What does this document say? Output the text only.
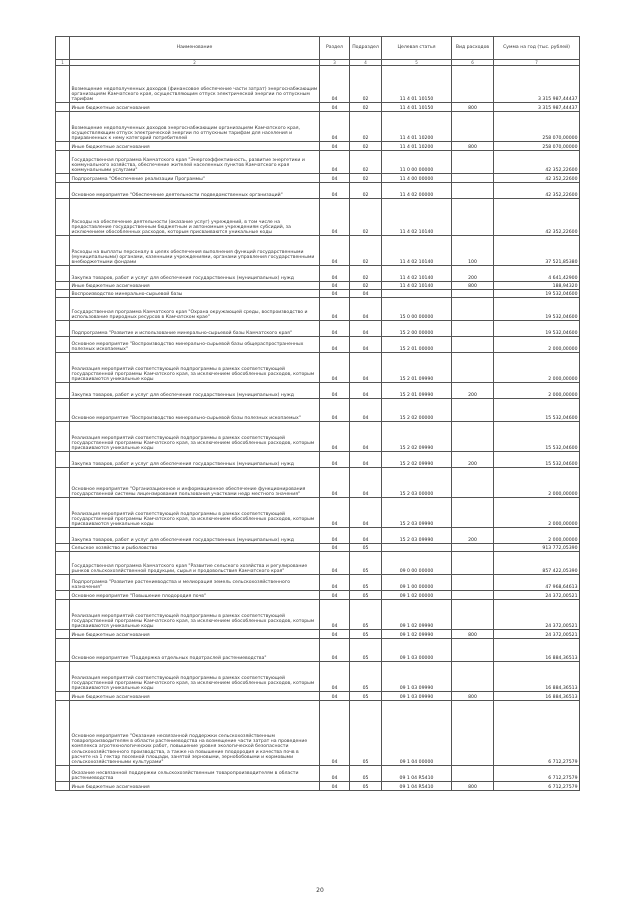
	Наименование	Раздел	Подраздел	Целевая статья	Вид расходов	Сумма на год (тыс. рублей)
1	2	3	4	5	6	7
	Возмещение недополученных доходов (финансовое обеспечение части затрат) энергоснабжающим организациям Камчатского края, осуществляющим отпуск электрической энергии по отпускным тарифам	04	02	11 4 01 10150		3 315 987,44437
	Иные бюджетные ассигнования	04	02	11 4 01 10150	800	3 315 987,44437
	Возмещение недополученных доходов энергоснабжающим организациям Камчатского края, осуществляющим отпуск электрической энергии по отпускным тарифам для населения и приравненных к нему категорий потребителей	04	02	11 4 01 10200		258 070,00000
	Иные бюджетные ассигнования	04	02	11 4 01 10200	800	258 070,00000
	Государственная программа Камчатского края "Энергоэффективность, развитие энергетики и коммунального хозяйства, обеспечение жителей населенных пунктов Камчатского края коммунальными услугами"	04	02	11 0 00 00000		42 352,22600
	Подпрограмма "Обеспечение реализации Программы"	04	02	11 4 00 00000		42 352,22600
	Основное мероприятие "Обеспечение деятельности подведомственных организаций"	04	02	11 4 02 00000		42 352,22600
	Расходы на обеспечение деятельности (оказание услуг) учреждений, в том числе на предоставление государственным бюджетным и автономным учреждениям субсидий, за исключением обособленных расходов, которым присваиваются уникальные коды	04	02	11 4 02 10140		42 352,22600
	Расходы на выплаты персоналу в целях обеспечения выполнения функций государственными (муниципальными) органами, казенными учреждениями, органами управления государственными внебюджетными фондами	04	02	11 4 02 10140	100	37 521,85380
	Закупка товаров, работ и услуг для обеспечения государственных (муниципальных) нужд	04	02	11 4 02 10140	200	4 641,42900
	Иные бюджетные ассигнования	04	02	11 4 02 10140	800	188,94320
	Воспроизводство минерально-сырьевой базы	04	04			19 532,04600
	Государственная программа Камчатского края "Охрана окружающей среды, воспроизводство и использование природных ресурсов в Камчатском крае"	04	04	15 0 00 00000		19 532,04600
	Подпрограмма "Развитие и использование минерально-сырьевой базы Камчатского края"	04	04	15 2 00 00000		19 532,04600
	Основное мероприятие "Воспроизводство минерально-сырьевой базы общераспространенных полезных ископаемых"	04	04	15 2 01 00000		2 000,00000
	Реализация мероприятий соответствующей подпрограммы в рамках соответствующей государственной программы Камчатского края, за исключением обособленных расходов, которым присваиваются уникальные коды	04	04	15 2 01 09990		2 000,00000
	Закупка товаров, работ и услуг для обеспечения государственных (муниципальных) нужд	04	04	15 2 01 09990	200	2 000,00000
	Основное мероприятие "Воспроизводство минерально-сырьевой базы полезных ископаемых"	04	04	15 2 02 00000		15 532,04600
	Реализация мероприятий соответствующей подпрограммы в рамках соответствующей государственной программы Камчатского края, за исключением обособленных расходов, которым присваиваются уникальные коды	04	04	15 2 02 09990		15 532,04600
	Закупка товаров, работ и услуг для обеспечения государственных (муниципальных) нужд	04	04	15 2 02 09990	200	15 532,04600
	Основное мероприятие "Организационное и информационное обеспечение функционирования государственной системы лицензирования пользования участками недр местного значения"	04	04	15 2 03 00000		2 000,00000
	Реализация мероприятий соответствующей подпрограммы в рамках соответствующей государственной программы Камчатского края, за исключением обособленных расходов, которым присваиваются уникальные коды	04	04	15 2 03 09990		2 000,00000
	Закупка товаров, работ и услуг для обеспечения государственных (муниципальных) нужд	04	04	15 2 03 09990	200	2 000,00000
	Сельское хозяйство и рыболовство	04	05			913 772,05390
	Государственная программа Камчатского края "Развитие сельского хозяйства и регулирование рынков сельскохозяйственной продукции, сырья и продовольствия Камчатского края"	04	05	09 0 00 00000		857 422,05390
	Подпрограмма "Развитие растениеводства и мелиорация земель сельскохозяйственного назначения"	04	05	09 1 00 00000		47 968,64613
	Основное мероприятие "Повышение плодородия почв"	04	05	09 1 02 00000		24 372,00521
	Реализация мероприятий соответствующей подпрограммы в рамках соответствующей государственной программы Камчатского края, за исключением обособленных расходов, которым присваиваются уникальные коды	04	05	09 1 02 09990		24 372,00521
	Иные бюджетные ассигнования	04	05	09 1 02 09990	800	24 372,00521
	Основное мероприятие "Поддержка отдельных подотраслей растениеводства"	04	05	09 1 03 00000		16 884,36513
	Реализация мероприятий соответствующей подпрограммы в рамках соответствующей государственной программы Камчатского края, за исключением обособленных расходов, которым присваиваются уникальные коды	04	05	09 1 03 09990		16 884,36513
	Иные бюджетные ассигнования	04	05	09 1 03 09990	800	16 884,36513
	Основное мероприятие "Оказание несвязанной поддержки сельскохозяйственным товаропроизводителям в области растениеводства на возмещение части затрат на проведение комплекса агротехнологических работ, повышение уровня экологической безопасности сельскохозяйственного производства, а также на повышение плодородия и качества почв в расчете на 1 гектар посевной площади, занятой зерновыми, зернобобовыми и кормовыми сельскохозяйственными культурами"	04	05	09 1 04 00000		6 712,27579
	Оказание несвязанной поддержки сельскохозяйственным товаропроизводителям в области растениеводства	04	05	09 1 04 R5410		6 712,27579
	Иные бюджетные ассигнования	04	05	09 1 04 R5410	800	6 712,27579
20
